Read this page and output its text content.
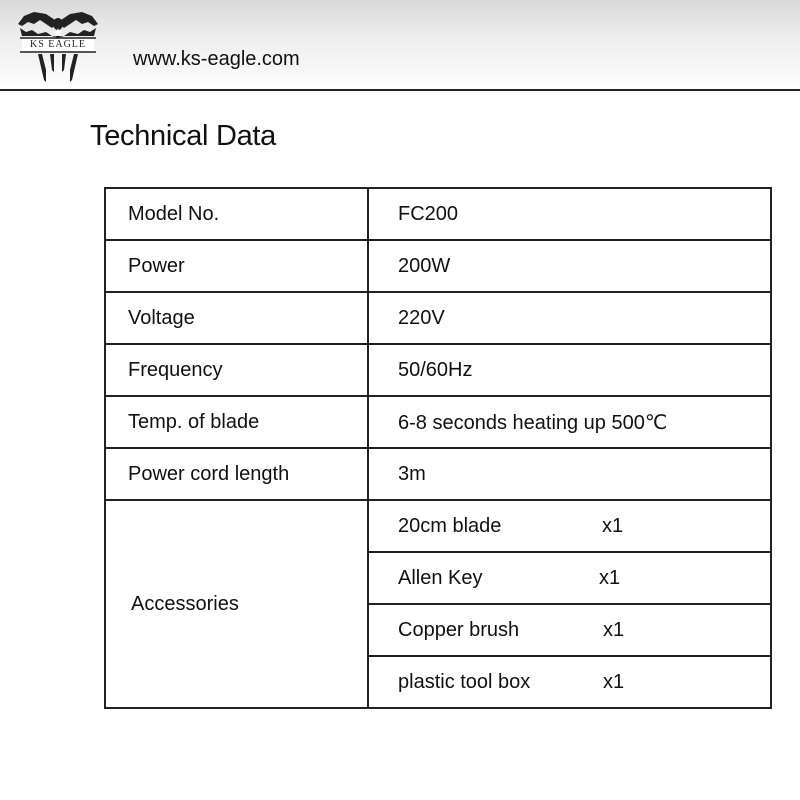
KS EAGLE
www.ks-eagle.com
Technical Data
Model No.	FC200
Power	200W
Voltage	220V
Frequency	50/60Hz
Temp. of blade	6-8 seconds heating up 500℃
Power cord length	3m
Accessories	20cm blade x1
	Allen Key x1
	Copper brush x1
	plastic tool box x1
